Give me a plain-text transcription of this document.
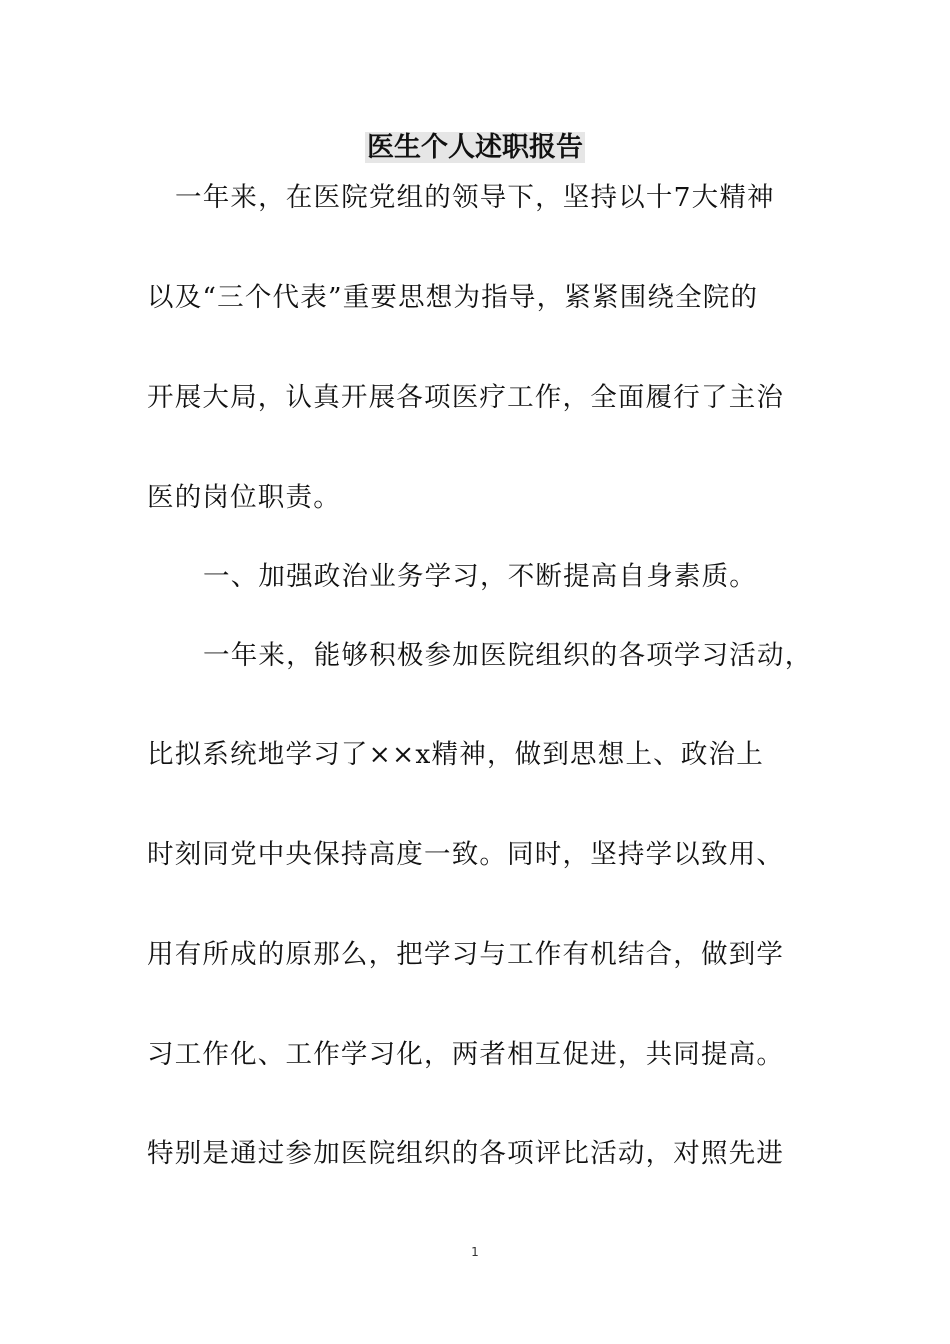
医生个人述职报告
一年来，在医院党组的领导下，坚持以十7大精神
以及“三个代表”重要思想为指导，紧紧围绕全院的
开展大局，认真开展各项医疗工作，全面履行了主治
医的岗位职责。
一、加强政治业务学习，不断提高自身素质。
一年来，能够积极参加医院组织的各项学习活动，
比拟系统地学习了××x精神，做到思想上、政治上
时刻同党中央保持高度一致。同时，坚持学以致用、
用有所成的原那么，把学习与工作有机结合，做到学
习工作化、工作学习化，两者相互促进，共同提高。
特别是通过参加医院组织的各项评比活动，对照先进
1
